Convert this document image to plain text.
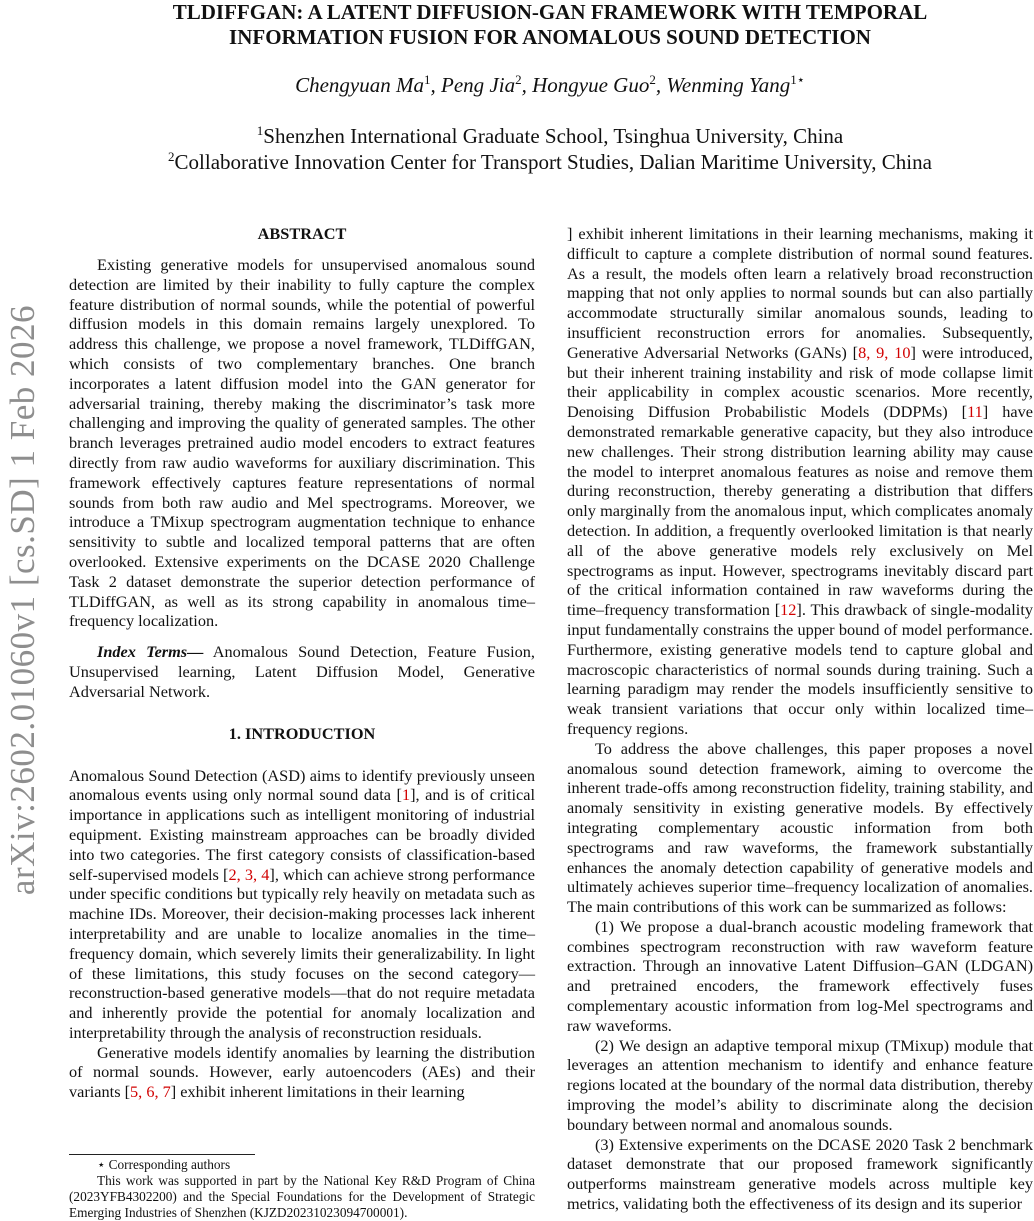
arXiv:2602.01060v1 [cs.SD] 1 Feb 2026
TLDIFFGAN: A LATENT DIFFUSION-GAN FRAMEWORK WITH TEMPORAL
INFORMATION FUSION FOR ANOMALOUS SOUND DETECTION
Chengyuan Ma$^1$, Peng Jia$^2$, Hongyue Guo$^2$, Wenming Yang$^{1⋆}$
$^1$Shenzhen International Graduate School, Tsinghua University, China
$^2$Collaborative Innovation Center for Transport Studies, Dalian Maritime University, China
ABSTRACT

Existing generative models for unsupervised anomalous sound detection are limited by their inability to fully capture the complex feature distribution of normal sounds, while the potential of powerful diffusion models in this domain remains largely unexplored. To address this challenge, we propose a novel framework, TLDiffGAN, which consists of two complementary branches. One branch incorporates a latent diffusion model into the GAN generator for adversarial training, thereby making the discriminator’s task more challenging and improving the quality of generated samples. The other branch leverages pretrained audio model encoders to extract features directly from raw audio waveforms for auxiliary discrimination. This framework effectively captures feature representations of normal sounds from both raw audio and Mel spectrograms. Moreover, we introduce a TMixup spectrogram augmentation technique to enhance sensitivity to subtle and localized temporal patterns that are often overlooked. Extensive experiments on the DCASE 2020 Challenge Task 2 dataset demonstrate the superior detection performance of TLDiffGAN, as well as its strong capability in anomalous time–frequency localization.

Index Terms— Anomalous Sound Detection, Feature Fusion, Unsupervised learning, Latent Diffusion Model, Generative Adversarial Network.

1. INTRODUCTION

Anomalous Sound Detection (ASD) aims to identify previously unseen anomalous events using only normal sound data [1], and is of critical importance in applications such as intelligent monitoring of industrial equipment. Existing mainstream approaches can be broadly divided into two categories. The first category consists of classification-based self-supervised models [2, 3, 4], which can achieve strong performance under specific conditions but typically rely heavily on metadata such as machine IDs. Moreover, their decision-making processes lack inherent interpretability and are unable to localize anomalies in the time–frequency domain, which severely limits their generalizability. In light of these limitations, this study focuses on the second category—reconstruction-based generative models—that do not require metadata and inherently provide the potential for anomaly localization and interpretability through the analysis of reconstruction residuals.

Generative models identify anomalies by learning the distribution of normal sounds. However, early autoencoders (AEs) and their variants [5, 6, 7] exhibit inherent limitations in their learning

] exhibit inherent limitations in their learning mechanisms, making it difficult to capture a complete distribution of normal sound features. As a result, the models often learn a relatively broad reconstruction mapping that not only applies to normal sounds but can also partially accommodate structurally similar anomalous sounds, leading to insufficient reconstruction errors for anomalies. Subsequently, Generative Adversarial Networks (GANs) [8, 9, 10] were introduced, but their inherent training instability and risk of mode collapse limit their applicability in complex acoustic scenarios. More recently, Denoising Diffusion Probabilistic Models (DDPMs) [11] have demonstrated remarkable generative capacity, but they also introduce new challenges. Their strong distribution learning ability may cause the model to interpret anomalous features as noise and remove them during reconstruction, thereby generating a distribution that differs only marginally from the anomalous input, which complicates anomaly detection. In addition, a frequently overlooked limitation is that nearly all of the above generative models rely exclusively on Mel spectrograms as input. However, spectrograms inevitably discard part of the critical information contained in raw waveforms during the time–frequency transformation [12]. This drawback of single-modality input fundamentally constrains the upper bound of model performance. Furthermore, existing generative models tend to capture global and macroscopic characteristics of normal sounds during training. Such a learning paradigm may render the models insufficiently sensitive to weak transient variations that occur only within localized time–frequency regions.

To address the above challenges, this paper proposes a novel anomalous sound detection framework, aiming to overcome the inherent trade-offs among reconstruction fidelity, training stability, and anomaly sensitivity in existing generative models. By effectively integrating complementary acoustic information from both spectrograms and raw waveforms, the framework substantially enhances the anomaly detection capability of generative models and ultimately achieves superior time–frequency localization of anomalies. The main contributions of this work can be summarized as follows:

(1) We propose a dual-branch acoustic modeling framework that combines spectrogram reconstruction with raw waveform feature extraction. Through an innovative Latent Diffusion–GAN (LDGAN) and pretrained encoders, the framework effectively fuses complementary acoustic information from log-Mel spectrograms and raw waveforms.

(2) We design an adaptive temporal mixup (TMixup) module that leverages an attention mechanism to identify and enhance feature regions located at the boundary of the normal data distribution, thereby improving the model’s ability to discriminate along the decision boundary between normal and anomalous sounds.

(3) Extensive experiments on the DCASE 2020 Task 2 benchmark dataset demonstrate that our proposed framework significantly outperforms mainstream generative models across multiple key metrics, validating both the effectiveness of its design and its superior

⋆ Corresponding authors

This work was supported in part by the National Key R&D Program of China (2023YFB4302200) and the Special Foundations for the Development of Strategic Emerging Industries of Shenzhen (KJZD20231023094700001).
